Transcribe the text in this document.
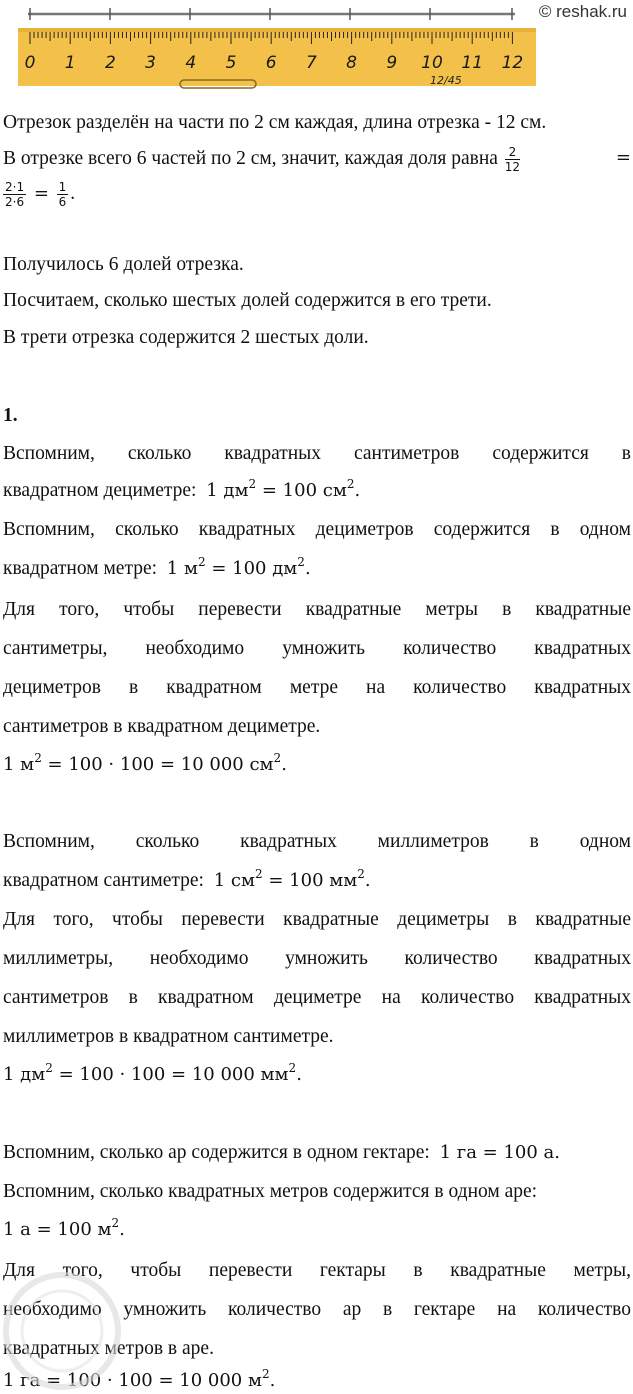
© reshak.ru
0 1 2 3 4 5 6 7 8 9 10 11 12
12/45
Отрезок разделён на части по 2 см каждая, длина отрезка - 12 см.
В отрезке всего 6 частей по 2 см, значит, каждая доля равна $\frac{2}{12}$	=
$\frac{2\cdot 1}{2\cdot 6} = \frac{1}{6}$ .
Получилось 6 долей отрезка.
Посчитаем, сколько шестых долей содержится в его трети.
В трети отрезка содержится 2 шестых доли.
1.
Вспомним, сколько квадратных сантиметров содержится в
квадратном дециметре: 1 $дм^2 = 100$ $см^2$.
Вспомним, сколько квадратных дециметров содержится в одном
квадратном метре: 1 $м^2 = 100$ $дм^2$.
Для того, чтобы перевести квадратные метры в квадратные
сантиметры, необходимо умножить количество квадратных
дециметров в квадратном метре на количество квадратных
сантиметров в квадратном дециметре.
1 $м^2 = 100 \cdot 100 = 10$ 000 $см^2$.
Вспомним, сколько квадратных миллиметров в одном
квадратном сантиметре: 1 $см^2 = 100$ $мм^2$.
Для того, чтобы перевести квадратные дециметры в квадратные
миллиметры, необходимо умножить количество квадратных
сантиметров в квадратном дециметре на количество квадратных
миллиметров в квадратном сантиметре.
1 $дм^2 = 100 \cdot 100 = 10$ 000 $мм^2$.
Вспомним, сколько ар содержится в одном гектаре: 1 га = 100 а.
Вспомним, сколько квадратных метров содержится в одном аре:
1 а = 100 $м^2$.
Для того, чтобы перевести гектары в квадратные метры,
необходимо умножить количество ар в гектаре на количество
квадратных метров в аре.
1 га = 100 · 100 = 10 000 $м^2$.
